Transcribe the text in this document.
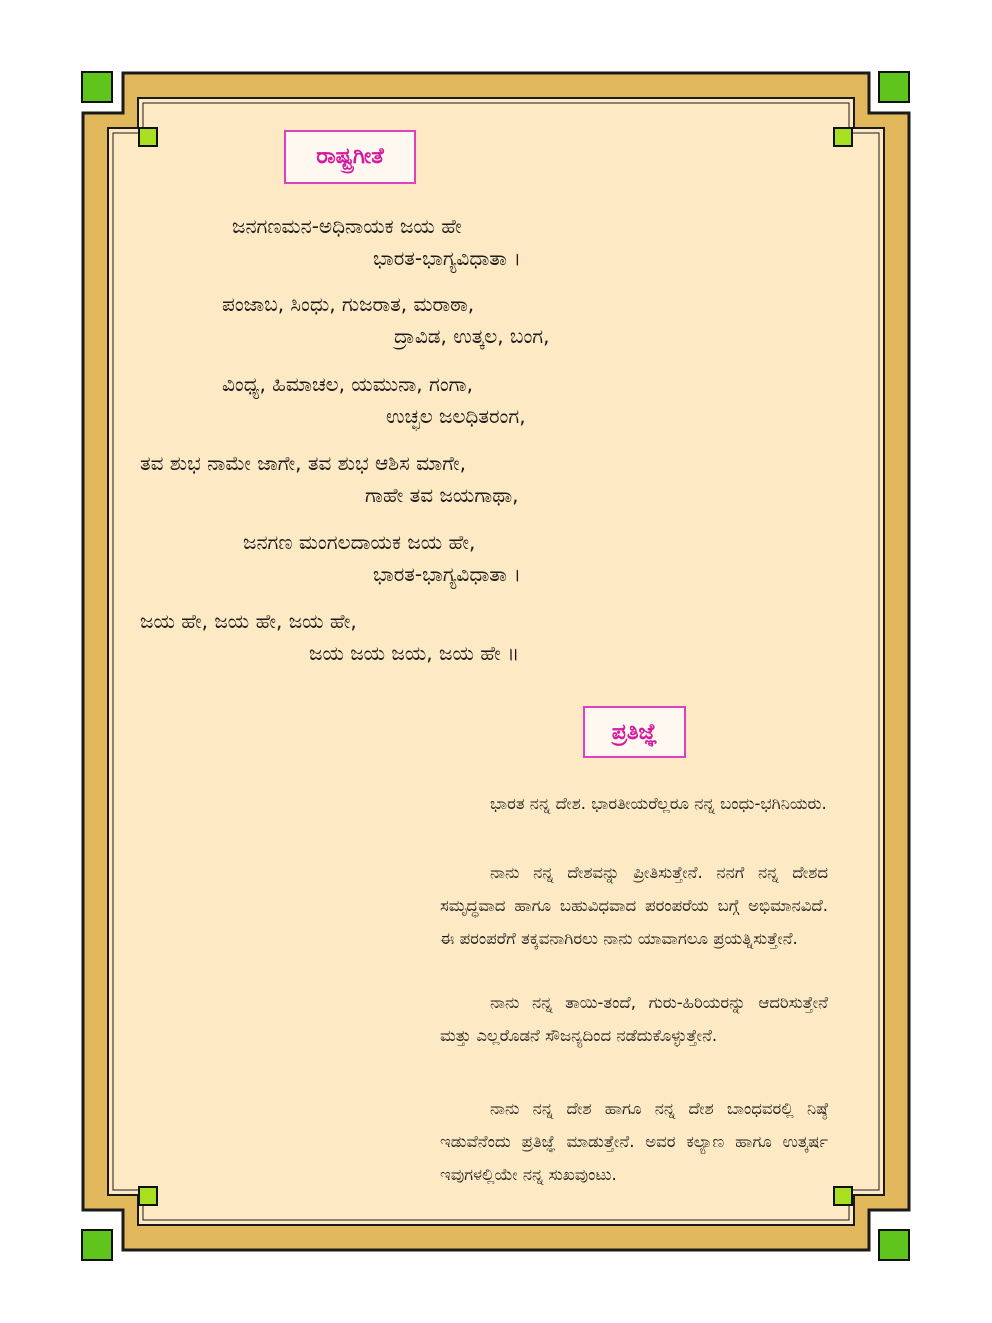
ರಾಷ್ಟ್ರಗೀತೆ
ಜನಗಣಮನ-ಅಧಿನಾಯಕ ಜಯ ಹೇ
ಭಾರತ-ಭಾಗ್ಯವಿಧಾತಾ ।
ಪಂಜಾಬ, ಸಿಂಧು, ಗುಜರಾತ, ಮರಾಠಾ,
ದ್ರಾವಿಡ, ಉತ್ಕಲ, ಬಂಗ,
ವಿಂಧ್ಯ, ಹಿಮಾಚಲ, ಯಮುನಾ, ಗಂಗಾ,
ಉಚ್ಛಲ ಜಲಧಿತರಂಗ,
ತವ ಶುಭ ನಾಮೇ ಜಾಗೇ, ತವ ಶುಭ ಆಶಿಸ ಮಾಗೇ,
ಗಾಹೇ ತವ ಜಯಗಾಥಾ,
ಜನಗಣ ಮಂಗಲದಾಯಕ ಜಯ ಹೇ,
ಭಾರತ-ಭಾಗ್ಯವಿಧಾತಾ ।
ಜಯ ಹೇ, ಜಯ ಹೇ, ಜಯ ಹೇ,
ಜಯ ಜಯ ಜಯ, ಜಯ ಹೇ ॥
ಪ್ರತಿಜ್ಞೆ

ಭಾರತ ನನ್ನ ದೇಶ. ಭಾರತೀಯರೆಲ್ಲರೂ ನನ್ನ ಬಂಧು-ಭಗಿನಿಯರು.

ನಾನು ನನ್ನ ದೇಶವನ್ನು ಪ್ರೀತಿಸುತ್ತೇನೆ. ನನಗೆ ನನ್ನ ದೇಶದ ಸಮೃದ್ಧವಾದ ಹಾಗೂ ಬಹುವಿಧವಾದ ಪರಂಪರೆಯ ಬಗ್ಗೆ ಅಭಿಮಾನವಿದೆ. ಈ ಪರಂಪರೆಗೆ ತಕ್ಕವನಾಗಿರಲು ನಾನು ಯಾವಾಗಲೂ ಪ್ರಯತ್ನಿಸುತ್ತೇನೆ.

ನಾನು ನನ್ನ ತಾಯಿ-ತಂದೆ, ಗುರು-ಹಿರಿಯರನ್ನು ಆದರಿಸುತ್ತೇನೆ ಮತ್ತು ಎಲ್ಲರೊಡನೆ ಸೌಜನ್ಯದಿಂದ ನಡೆದುಕೊಳ್ಳುತ್ತೇನೆ.

ನಾನು ನನ್ನ ದೇಶ ಹಾಗೂ ನನ್ನ ದೇಶ ಬಾಂಧವರಲ್ಲಿ ನಿಷ್ಠೆ ಇಡುವೆನೆಂದು ಪ್ರತಿಜ್ಞೆ ಮಾಡುತ್ತೇನೆ. ಅವರ ಕಲ್ಯಾಣ ಹಾಗೂ ಉತ್ಕರ್ಷ ಇವುಗಳಲ್ಲಿಯೇ ನನ್ನ ಸುಖವುಂಟು.
